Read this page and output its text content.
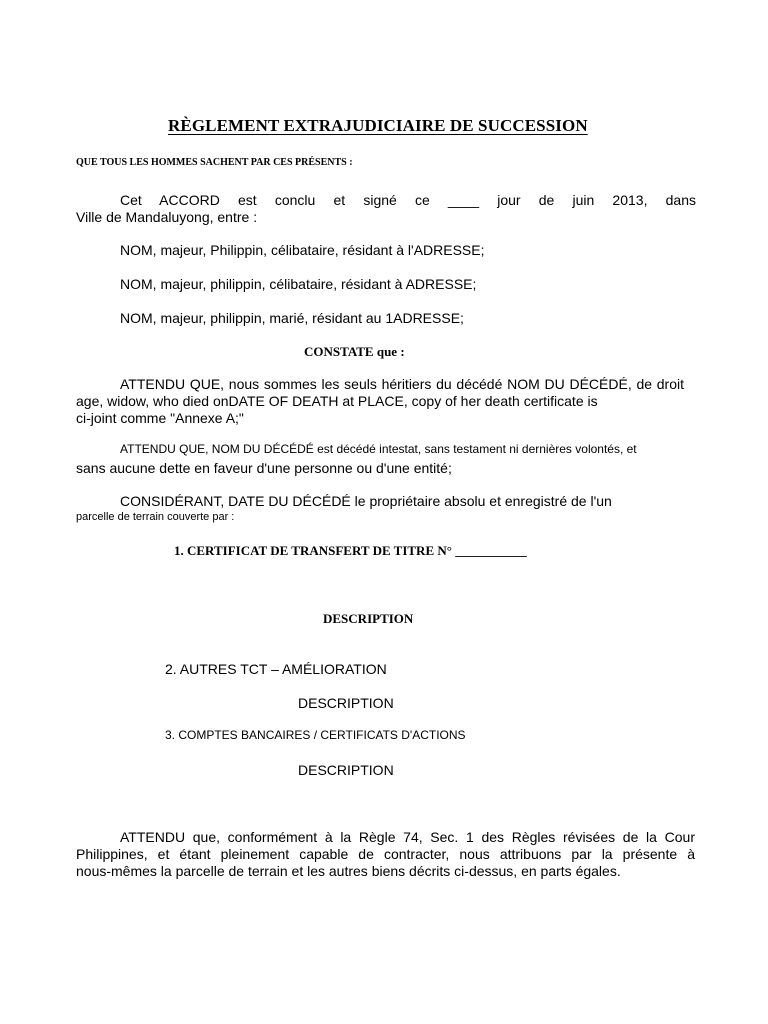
RÈGLEMENT EXTRAJUDICIAIRE DE SUCCESSION
QUE TOUS LES HOMMES SACHENT PAR CES PRÉSENTS :
Cet ACCORD est conclu et signé ce ____ jour de juin 2013, dans
Ville de Mandaluyong, entre :
NOM, majeur, Philippin, célibataire, résidant à l'ADRESSE;
NOM, majeur, philippin, célibataire, résidant à ADRESSE;
NOM, majeur, philippin, marié, résidant au 1ADRESSE;
CONSTATE que :
ATTENDU QUE, nous sommes les seuls héritiers du décédé NOM DU DÉCÉDÉ, de droit
age, widow, who died onDATE OF DEATH at PLACE, copy of her death certificate is
ci-joint comme "Annexe A;"
ATTENDU QUE, NOM DU DÉCÉDÉ est décédé intestat, sans testament ni dernières volontés, et
sans aucune dette en faveur d'une personne ou d'une entité;
CONSIDÉRANT, DATE DU DÉCÉDÉ le propriétaire absolu et enregistré de l'un
parcelle de terrain couverte par :
1. CERTIFICAT DE TRANSFERT DE TITRE N° ___________
DESCRIPTION
2. AUTRES TCT – AMÉLIORATION
DESCRIPTION
3. COMPTES BANCAIRES / CERTIFICATS D'ACTIONS
DESCRIPTION
ATTENDU que, conformément à la Règle 74, Sec. 1 des Règles révisées de la Cour
Philippines, et étant pleinement capable de contracter, nous attribuons par la présente à
nous-mêmes la parcelle de terrain et les autres biens décrits ci-dessus, en parts égales.
